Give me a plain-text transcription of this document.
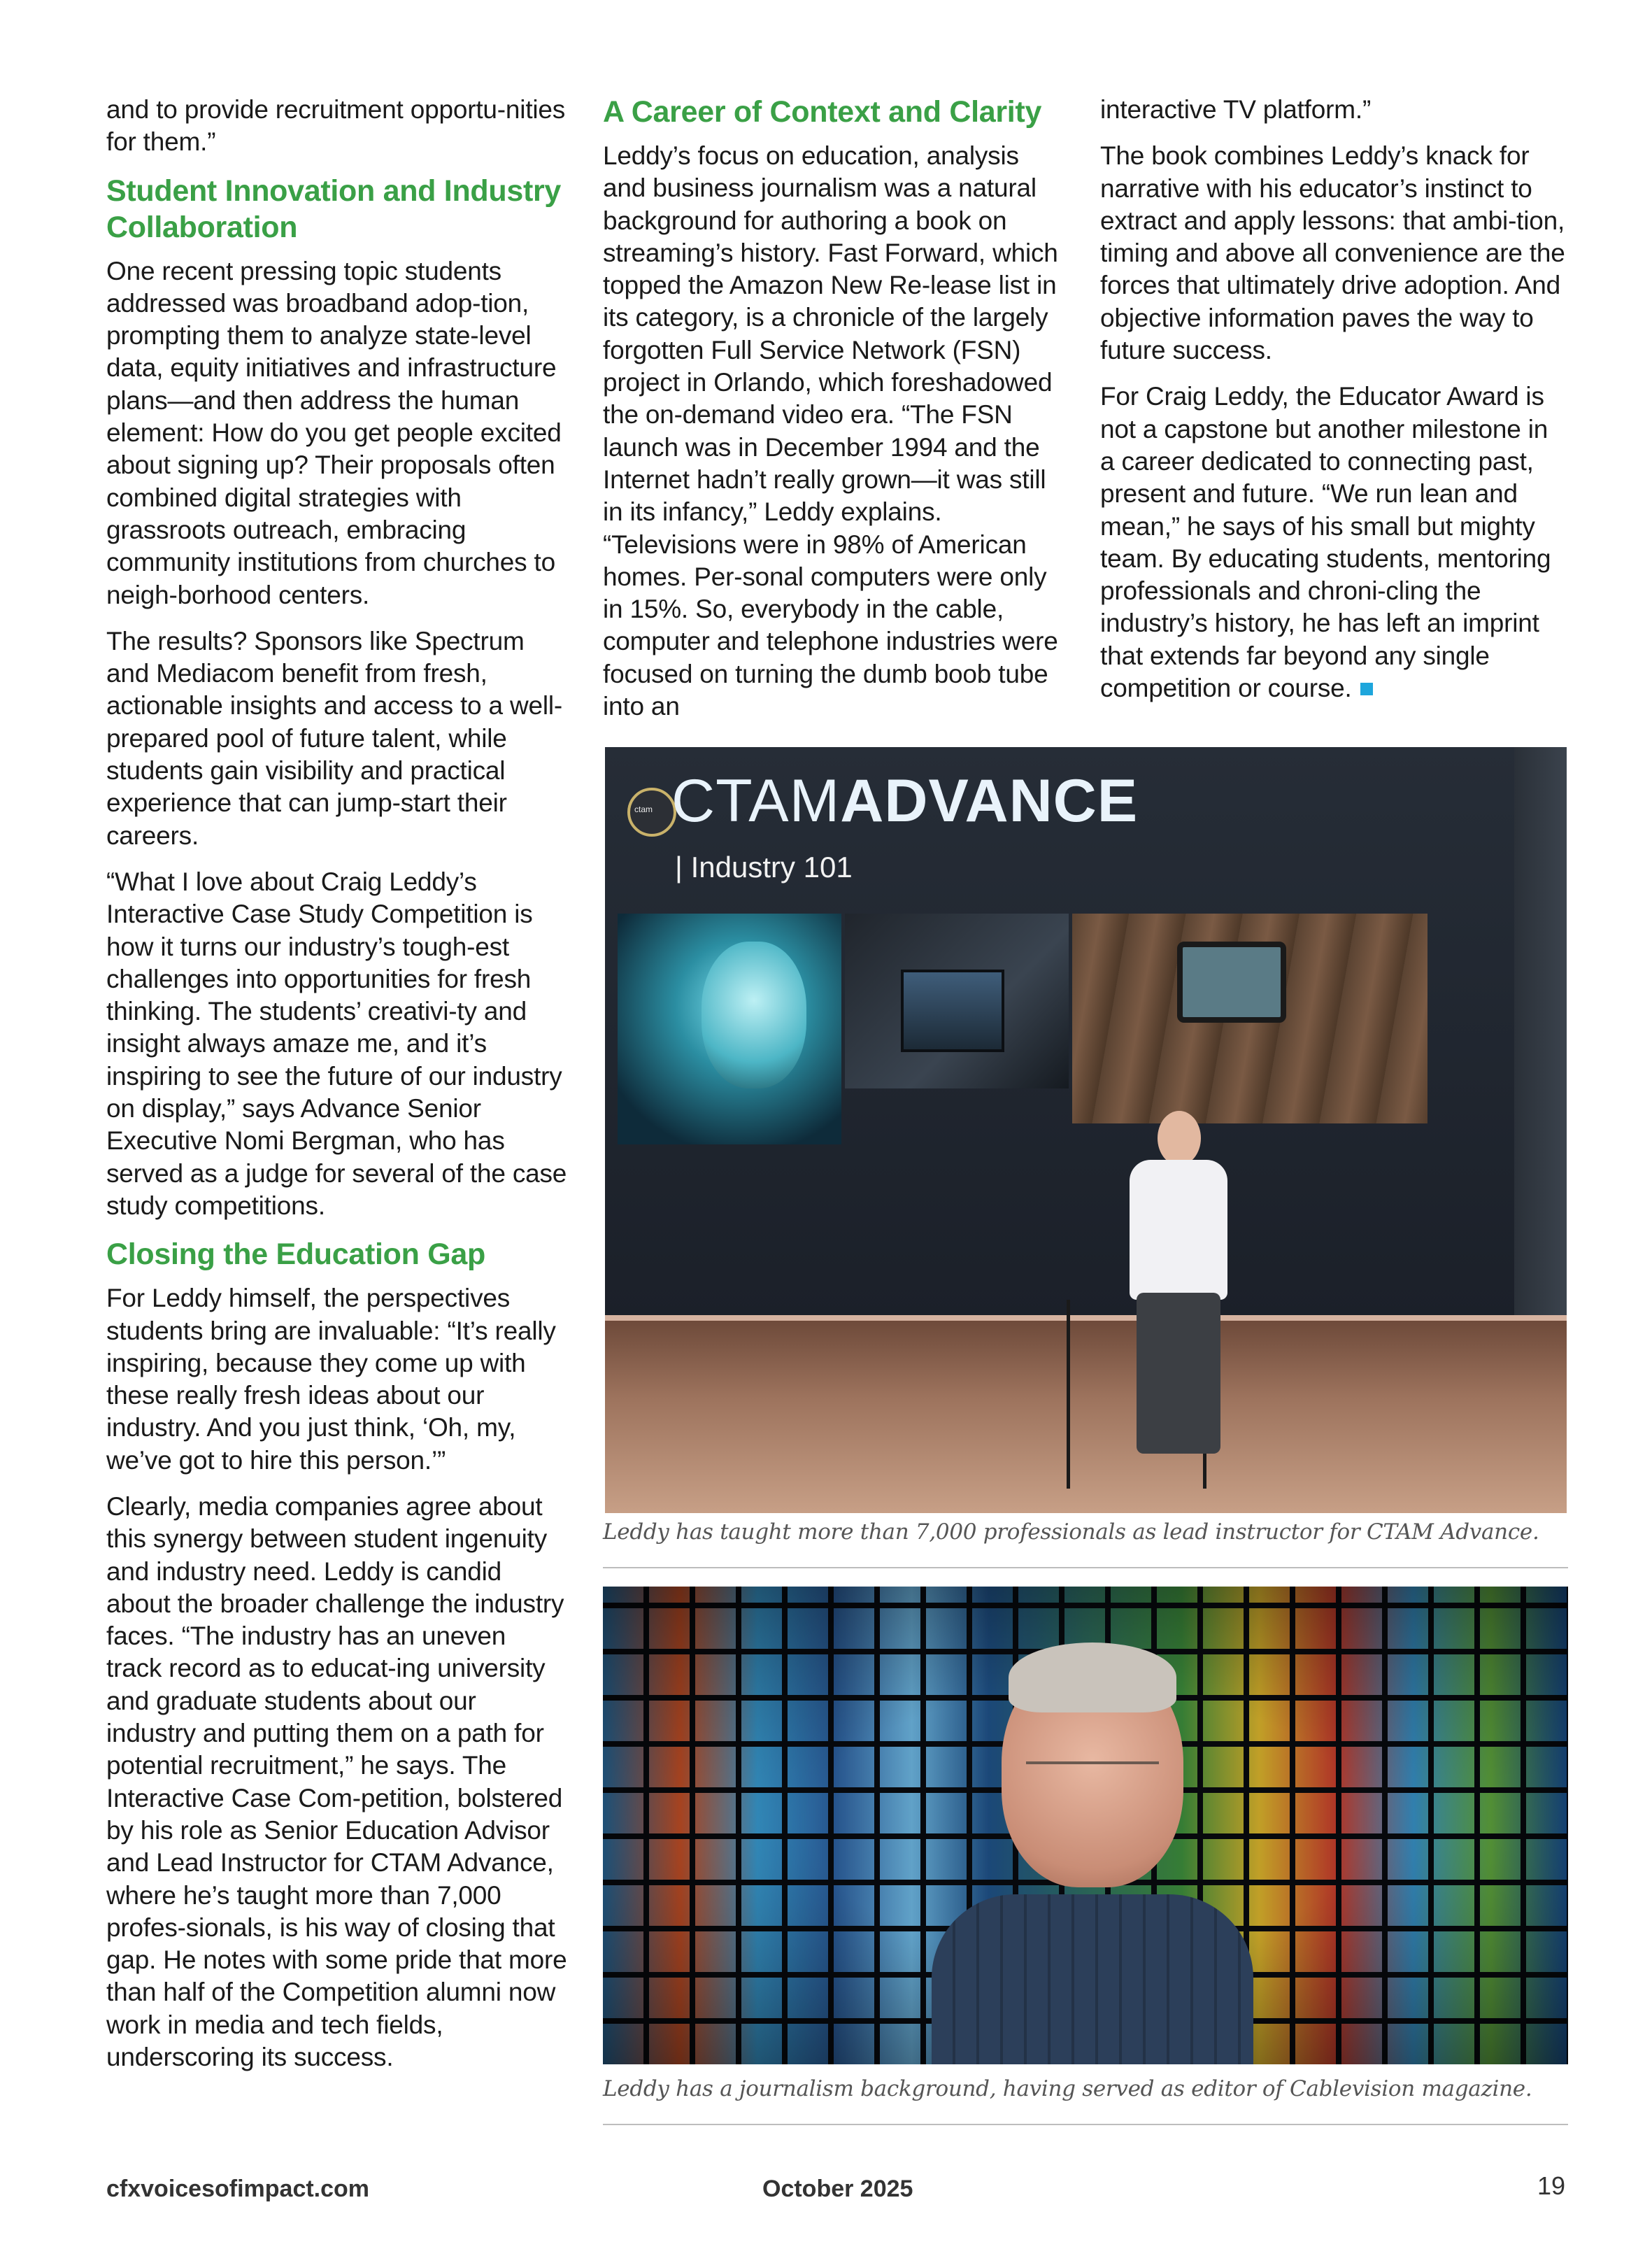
and to provide recruitment opportu-nities for them.”

Student Innovation and Industry Collaboration

One recent pressing topic students addressed was broadband adop-tion, prompting them to analyze state-level data, equity initiatives and infrastructure plans—and then address the human element: How do you get people excited about signing up? Their proposals often combined digital strategies with grassroots outreach, embracing community institutions from churches to neigh-borhood centers.

The results? Sponsors like Spectrum and Mediacom benefit from fresh, actionable insights and access to a well-prepared pool of future talent, while students gain visibility and practical experience that can jump-start their careers.

“What I love about Craig Leddy’s Interactive Case Study Competition is how it turns our industry’s tough-est challenges into opportunities for fresh thinking. The students’ creativi-ty and insight always amaze me, and it’s inspiring to see the future of our industry on display,” says Advance Senior Executive Nomi Bergman, who has served as a judge for several of the case study competitions.

Closing the Education Gap

For Leddy himself, the perspectives students bring are invaluable: “It’s really inspiring, because they come up with these really fresh ideas about our industry. And you just think, ‘Oh, my, we’ve got to hire this person.’”

Clearly, media companies agree about this synergy between student ingenuity and industry need. Leddy is candid about the broader challenge the industry faces. “The industry has an uneven track record as to educat-ing university and graduate students about our industry and putting them on a path for potential recruitment,” he says. The Interactive Case Com-petition, bolstered by his role as Senior Education Advisor and Lead Instructor for CTAM Advance, where he’s taught more than 7,000 profes-sionals, is his way of closing that gap. He notes with some pride that more than half of the Competition alumni now work in media and tech fields, underscoring its success.

A Career of Context and Clarity

Leddy’s focus on education, analysis and business journalism was a natural background for authoring a book on streaming’s history. Fast Forward, which topped the Amazon New Re-lease list in its category, is a chronicle of the largely forgotten Full Service Network (FSN) project in Orlando, which foreshadowed the on-demand video era. “The FSN launch was in December 1994 and the Internet hadn’t really grown—it was still in its infancy,” Leddy explains. “Televisions were in 98% of American homes. Per-sonal computers were only in 15%. So, everybody in the cable, computer and telephone industries were focused on turning the dumb boob tube into an

interactive TV platform.”

The book combines Leddy’s knack for narrative with his educator’s instinct to extract and apply lessons: that ambi-tion, timing and above all convenience are the forces that ultimately drive adoption. And objective information paves the way to future success.

For Craig Leddy, the Educator Award is not a capstone but another milestone in a career dedicated to connecting past, present and future. “We run lean and mean,” he says of his small but mighty team. By educating students, mentoring professionals and chroni-cling the industry’s history, he has left an imprint that extends far beyond any single competition or course.

ctam CTAMADVANCE
| Industry 101
Leddy has taught more than 7,000 professionals as lead instructor for CTAM Advance.
Leddy has a journalism background, having served as editor of Cablevision magazine.
cfxvoicesofimpact.com	October 2025	19
